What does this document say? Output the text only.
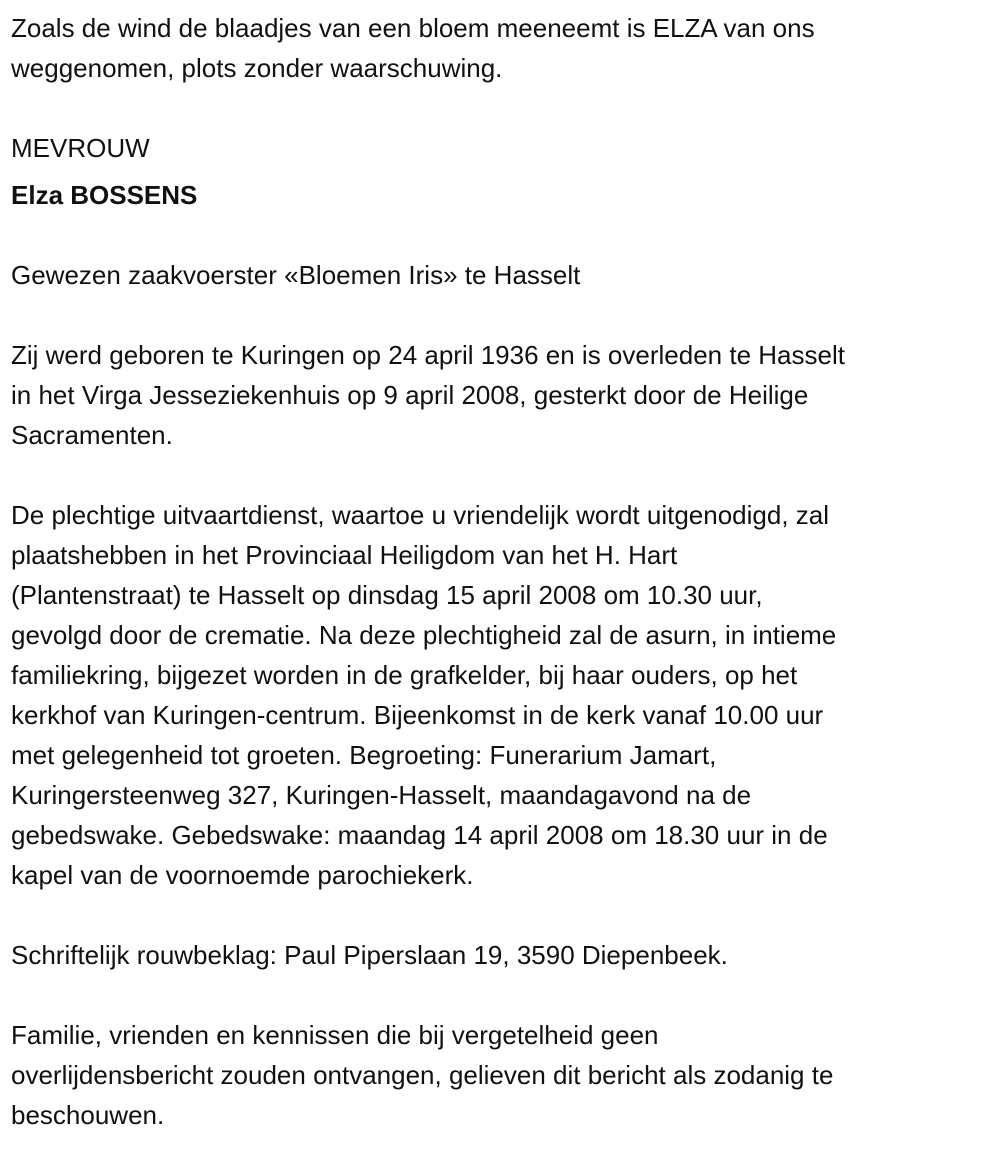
Zoals de wind de blaadjes van een bloem meeneemt is ELZA van ons
weggenomen, plots zonder waarschuwing.
MEVROUW
Elza BOSSENS
Gewezen zaakvoerster «Bloemen Iris» te Hasselt
Zij werd geboren te Kuringen op 24 april 1936 en is overleden te Hasselt
in het Virga Jesseziekenhuis op 9 april 2008, gesterkt door de Heilige
Sacramenten.
De plechtige uitvaartdienst, waartoe u vriendelijk wordt uitgenodigd, zal
plaatshebben in het Provinciaal Heiligdom van het H. Hart
(Plantenstraat) te Hasselt op dinsdag 15 april 2008 om 10.30 uur,
gevolgd door de crematie. Na deze plechtigheid zal de asurn, in intieme
familiekring, bijgezet worden in de grafkelder, bij haar ouders, op het
kerkhof van Kuringen-centrum. Bijeenkomst in de kerk vanaf 10.00 uur
met gelegenheid tot groeten. Begroeting: Funerarium Jamart,
Kuringersteenweg 327, Kuringen-Hasselt, maandagavond na de
gebedswake. Gebedswake: maandag 14 april 2008 om 18.30 uur in de
kapel van de voornoemde parochiekerk.
Schriftelijk rouwbeklag: Paul Piperslaan 19, 3590 Diepenbeek.
Familie, vrienden en kennissen die bij vergetelheid geen
overlijdensbericht zouden ontvangen, gelieven dit bericht als zodanig te
beschouwen.
